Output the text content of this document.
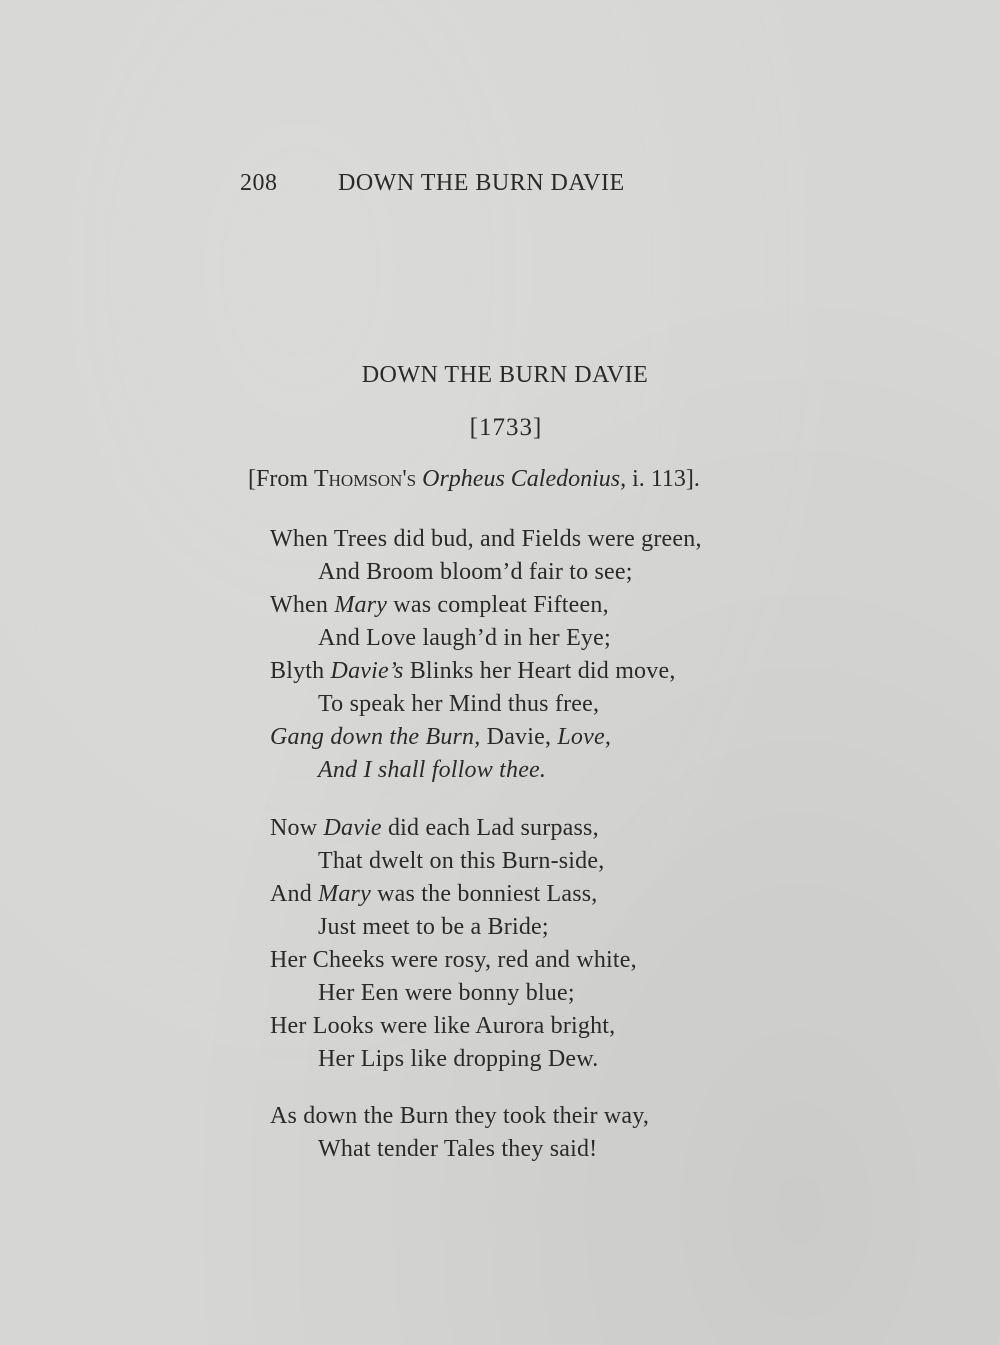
208	DOWN THE BURN DAVIE
DOWN THE BURN DAVIE
[1733]
[From Thomson's Orpheus Caledonius, i. 113].
When Trees did bud, and Fields were green,
And Broom bloom’d fair to see;
When Mary was compleat Fifteen,
And Love laugh’d in her Eye;
Blyth Davie’s Blinks her Heart did move,
To speak her Mind thus free,
Gang down the Burn, Davie, Love,
And I shall follow thee.
Now Davie did each Lad surpass,
That dwelt on this Burn-side,
And Mary was the bonniest Lass,
Just meet to be a Bride;
Her Cheeks were rosy, red and white,
Her Een were bonny blue;
Her Looks were like Aurora bright,
Her Lips like dropping Dew.
As down the Burn they took their way,
What tender Tales they said!
